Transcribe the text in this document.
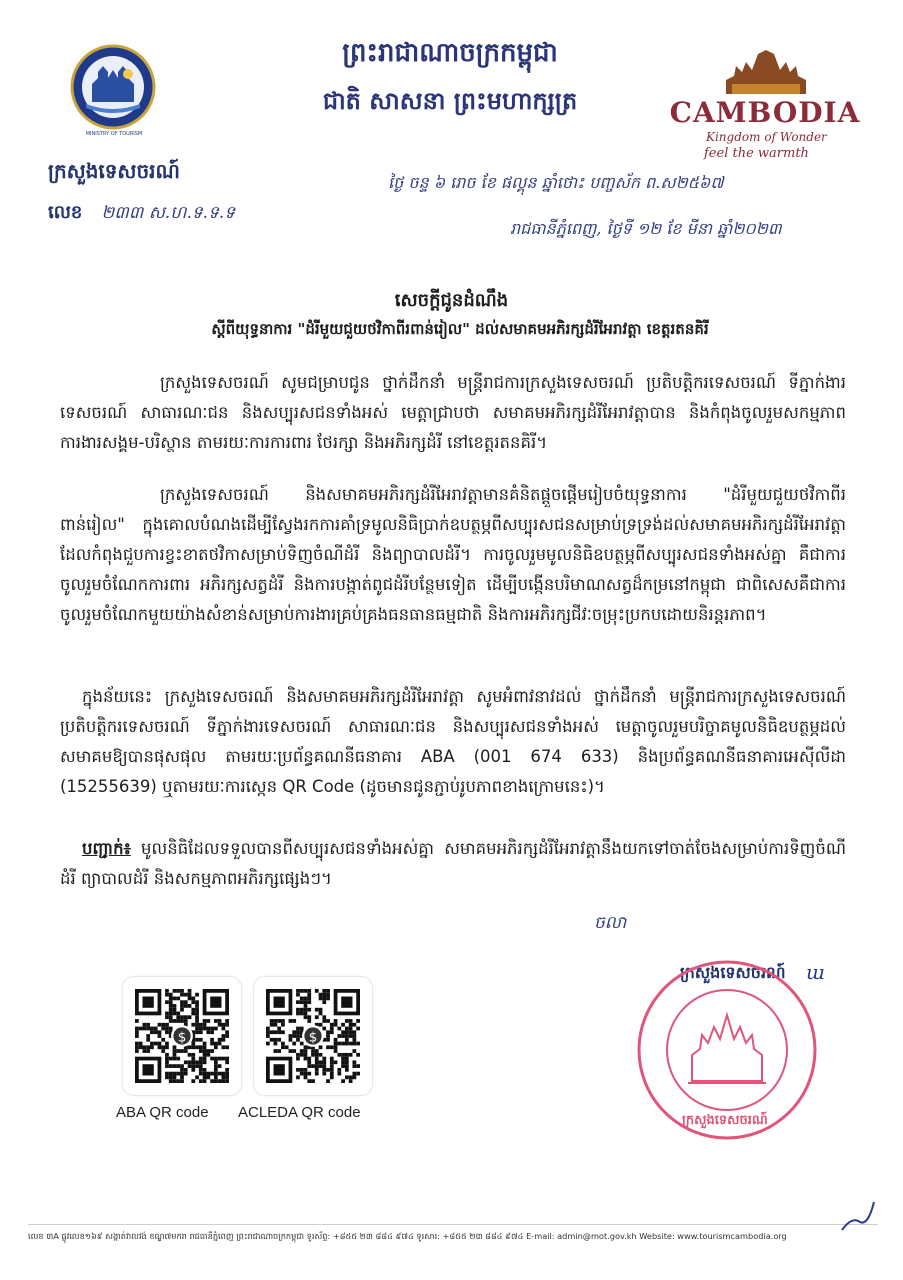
ព្រះរាជាណាចក្រកម្ពុជា
ជាតិ សាសនា ព្រះមហាក្សត្រ
MINISTRY OF TOURISM
ក្រសួងទេសចរណ៍
លេខ ២៣៣ ស.ហ.ទ.ទ.ទ
CAMBODIA
Kingdom of Wonder
feel the warmth
ថ្ងៃ ចន្ទ ៦ រោច ខែ ផល្គុន ឆ្នាំថោះ បញ្ចស័ក ព.ស២៥៦៧
រាជធានីភ្នំពេញ, ថ្ងៃទី ១២ ខែ មីនា ឆ្នាំ២០២៣
សេចក្តីជូនដំណឹង
ស្តីពីយុទ្ធនាការ "ដំរីមួយជួយថវិកាពីរពាន់រៀល" ដល់សមាគមអភិរក្សដំរីអែរាវត្តា ខេត្តរតនគិរី

ក្រសួងទេសចរណ៍ សូមជម្រាបជូន ថ្នាក់ដឹកនាំ មន្រ្តីរាជការក្រសួងទេសចរណ៍ ប្រតិបត្តិករទេសចរណ៍ ទីភ្នាក់ងារទេសចរណ៍ សាធារណៈជន និងសប្បុរសជនទាំងអស់ មេត្តាជ្រាបថា សមាគមអភិរក្សដំរីអែរាវត្តាបាន និងកំពុងចូលរួមសកម្មភាពការងារសង្គម-បរិស្ថាន តាមរយៈការការពារ ថែរក្សា និងអភិរក្សដំរី នៅខេត្តរតនគិរី។

ក្រសួងទេសចរណ៍ និងសមាគមអភិរក្សដំរីអែរាវត្តាមានគំនិតផ្តួចផ្តើមរៀបចំយុទ្ធនាការ "ដំរីមួយជួយថវិកាពីរពាន់រៀល" ក្នុងគោលបំណងដើម្បីស្វែងរកការគាំទ្រមូលនិធិប្រាក់ឧបត្ថម្ភពីសប្បុរសជនសម្រាប់ទ្រទ្រង់ដល់សមាគមអភិរក្សដំរីអែរាវត្តាដែលកំពុងជួបការខ្វះខាតថវិកាសម្រាប់ទិញចំណីដំរី និងព្យាបាលដំរី។ ការចូលរួមមូលនិធិឧបត្ថម្ភពីសប្បុរសជនទាំងអស់គ្នា គឺជាការចូលរួមចំណែកការពារ អភិរក្សសត្វដំរី និងការបង្កាត់ពូជដំរីបន្ថែមទៀត ដើម្បីបង្កើនបរិមាណសត្វដ៏កម្រនៅកម្ពុជា ជាពិសេសគឺជាការចូលរួមចំណែកមួយយ៉ាងសំខាន់សម្រាប់ការងារគ្រប់គ្រងធនធានធម្មជាតិ និងការអភិរក្សជីវៈចម្រុះប្រកបដោយនិរន្តរភាព។

ក្នុងន័យនេះ ក្រសួងទេសចរណ៍ និងសមាគមអភិរក្សដំរីអែរាវត្តា សូមអំពាវនាវដល់ ថ្នាក់ដឹកនាំ មន្រ្តីរាជការក្រសួងទេសចរណ៍ ប្រតិបត្តិករទេសចរណ៍ ទីភ្នាក់ងារទេសចរណ៍ សាធារណៈជន និងសប្បុរសជនទាំងអស់ មេត្តាចូលរួមបរិច្ចាគមូលនិធិឧបត្ថម្ភដល់សមាគមឱ្យបានផុសផុល តាមរយៈប្រព័ន្ធគណនីធនាគារ ABA (001 674 633) និងប្រព័ន្ធគណនីធនាគារអេស៊ីលីដា (15255639) ឬតាមរយៈការស្កេន QR Code (ដូចមានជូនភ្ជាប់រូបភាពខាងក្រោមនេះ)។

បញ្ជាក់៖ មូលនិធិដែលទទួលបានពីសប្បុរសជនទាំងអស់គ្នា សមាគមអភិរក្សដំរីអែរាវត្តានឹងយកទៅចាត់ចែងសម្រាប់ការទិញចំណីដំរី ព្យាបាលដំរី និងសកម្មភាពអភិរក្សផ្សេងៗ។

ចលា
$
ABA QR code
$
ACLEDA QR code
ក្រសួងទេសចរណ៍
ក្រសួងទេសចរណ៍
ɯ
លេខ ៣A ផ្លូវលេខ១៦៩ សង្កាត់វាលវង់ ខណ្ឌ៧មករា រាជធានីភ្នំពេញ ព្រះរាជាណាចក្រកម្ពុជា ទូរស័ព្ទ: +៨៥៥ ២៣ ៨៨៤ ៩៧៤ ទូរសារ: +៨៥៥ ២៣ ៨៨៤ ៩៧៤ E-mail: admin@mot.gov.kh Website: www.tourismcambodia.org
